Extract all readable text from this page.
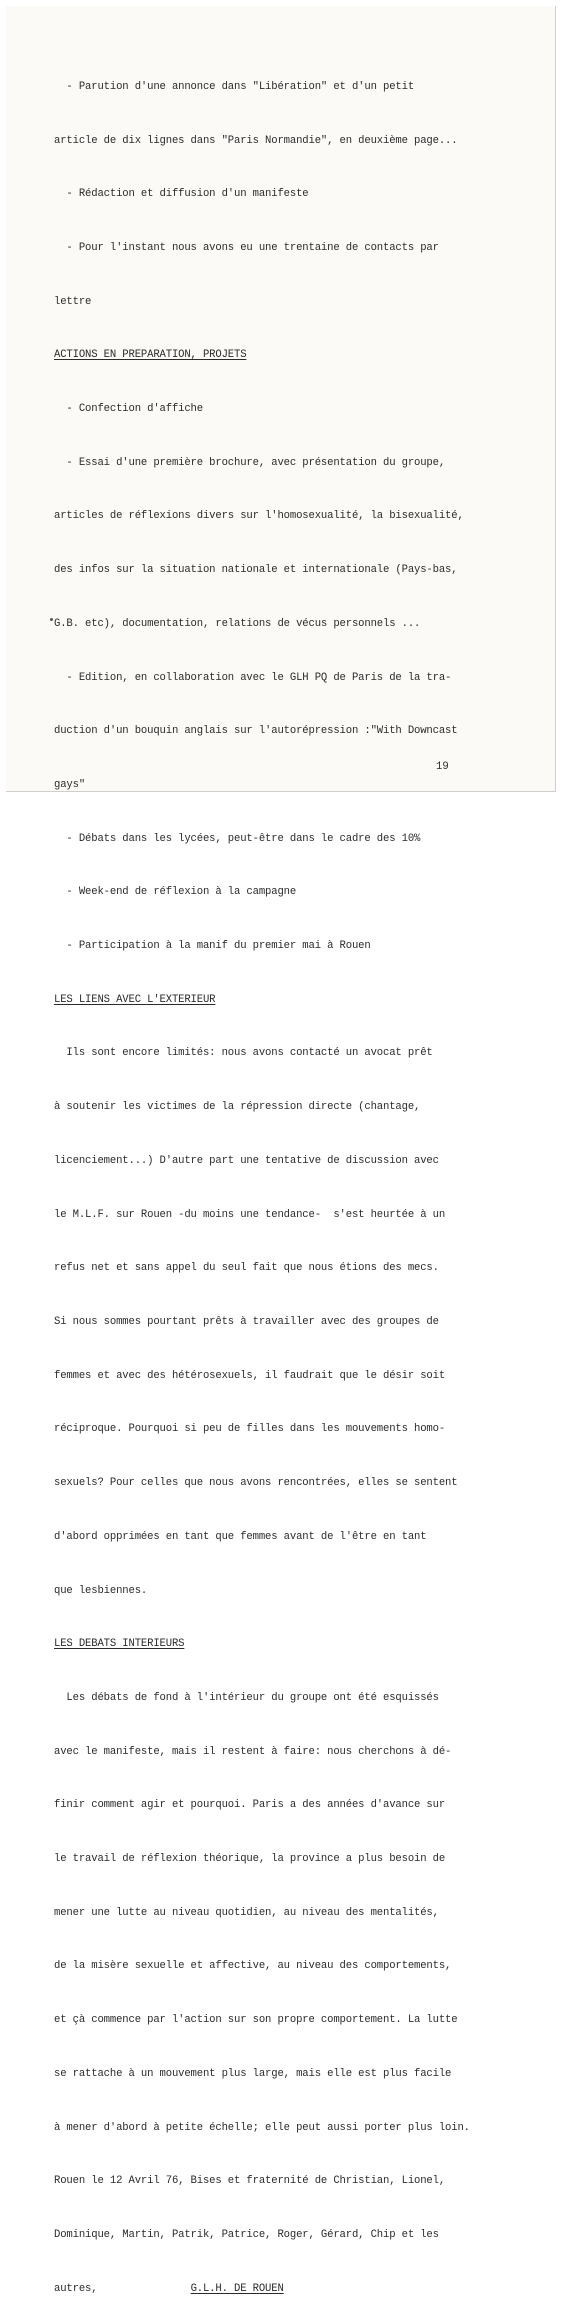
- Parution d'une annonce dans "Libération" et d'un petit

article de dix lignes dans "Paris Normandie", en deuxième page...

- Rédaction et diffusion d'un manifeste

- Pour l'instant nous avons eu une trentaine de contacts par

lettre

ACTIONS EN PREPARATION, PROJETS

- Confection d'affiche

- Essai d'une première brochure, avec présentation du groupe,

articles de réflexions divers sur l'homosexualité, la bisexualité,

des infos sur la situation nationale et internationale (Pays-bas,

G.B. etc), documentation, relations de vécus personnels ...

- Edition, en collaboration avec le GLH PQ de Paris de la tra-

duction d'un bouquin anglais sur l'autorépression :"With Downcast

gays"

- Débats dans les lycées, peut-être dans le cadre des 10%

- Week-end de réflexion à la campagne

- Participation à la manif du premier mai à Rouen

LES LIENS AVEC L'EXTERIEUR

Ils sont encore limités: nous avons contacté un avocat prêt

à soutenir les victimes de la répression directe (chantage,

licenciement...) D'autre part une tentative de discussion avec

le M.L.F. sur Rouen -du moins une tendance-  s'est heurtée à un

refus net et sans appel du seul fait que nous étions des mecs.

Si nous sommes pourtant prêts à travailler avec des groupes de

femmes et avec des hétérosexuels, il faudrait que le désir soit

réciproque. Pourquoi si peu de filles dans les mouvements homo-

sexuels? Pour celles que nous avons rencontrées, elles se sentent

d'abord opprimées en tant que femmes avant de l'être en tant

que lesbiennes.

LES DEBATS INTERIEURS

Les débats de fond à l'intérieur du groupe ont été esquissés

avec le manifeste, mais il restent à faire: nous cherchons à dé-

finir comment agir et pourquoi. Paris a des années d'avance sur

le travail de réflexion théorique, la province a plus besoin de

mener une lutte au niveau quotidien, au niveau des mentalités,

de la misère sexuelle et affective, au niveau des comportements,

et çà commence par l'action sur son propre comportement. La lutte

se rattache à un mouvement plus large, mais elle est plus facile

à mener d'abord à petite échelle; elle peut aussi porter plus loin.

Rouen le 12 Avril 76, Bises et fraternité de Christian, Lionel,

Dominique, Martin, Patrik, Patrice, Roger, Gérard, Chip et les

autres,	G.L.H. DE ROUEN

19
